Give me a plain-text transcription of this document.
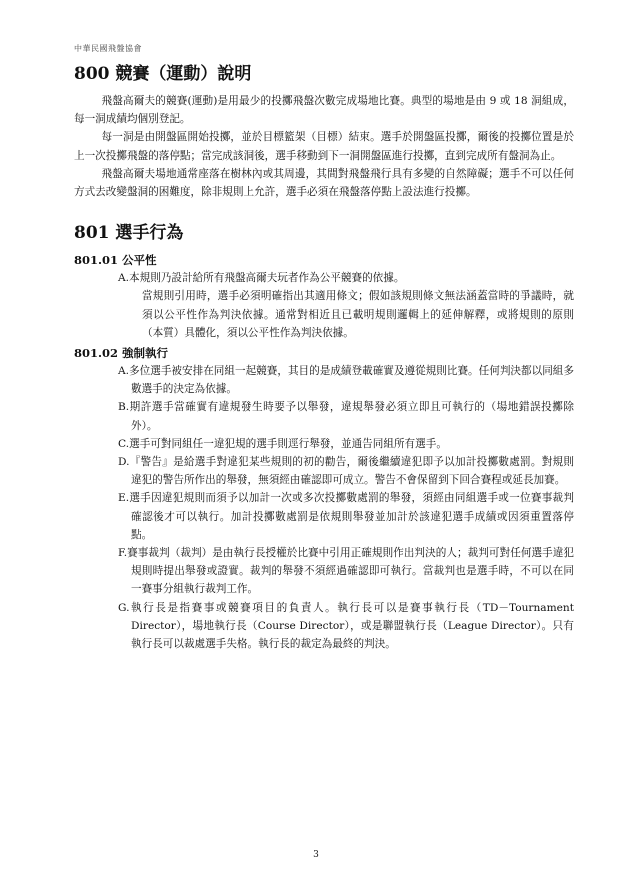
中華民國飛盤協會
800 競賽（運動）說明

飛盤高爾夫的競賽(運動)是用最少的投擲飛盤次數完成場地比賽。典型的場地是由 9 或 18 洞組成，每一洞成績均個別登記。

每一洞是由開盤區開始投擲，並於目標籃架（目標）結束。選手於開盤區投擲，爾後的投擲位置是於上一次投擲飛盤的落停點；當完成該洞後，選手移動到下一洞開盤區進行投擲，直到完成所有盤洞為止。

飛盤高爾夫場地通常座落在樹林內或其周邊，其間對飛盤飛行具有多變的自然障礙；選手不可以任何方式去改變盤洞的困難度，除非規則上允許，選手必須在飛盤落停點上設法進行投擲。

801 選手行為
801.01 公平性
A.本規則乃設計給所有飛盤高爾夫玩者作為公平競賽的依據。
當規則引用時，選手必須明確指出其適用條文；假如該規則條文無法涵蓋當時的爭議時，就須以公平性作為判決依據。通常對相近且已載明規則邏輯上的延伸解釋，或將規則的原則（本質）具體化，須以公平性作為判決依據。
801.02 強制執行
A.多位選手被安排在同組一起競賽，其目的是成績登載確實及遵從規則比賽。任何判決都以同組多數選手的決定為依據。
B.期許選手當確實有違規發生時要予以舉發，違規舉發必須立即且可執行的（場地錯誤投擲除外）。
C.選手可對同組任一違犯規的選手則逕行舉發，並通告同組所有選手。
D.『警告』是給選手對違犯某些規則的初的勸告，爾後繼續違犯即予以加計投擲數處罰。對規則違犯的警告所作出的舉發，無須經由確認即可成立。警告不會保留到下回合賽程或延長加賽。
E.選手因違犯規則而須予以加計一次或多次投擲數處罰的舉發，須經由同組選手或一位賽事裁判確認後才可以執行。加計投擲數處罰是依規則舉發並加計於該違犯選手成績或因須重置落停點。
F.賽事裁判（裁判）是由執行長授權於比賽中引用正確規則作出判決的人；裁判可對任何選手違犯規則時提出舉發或證實。裁判的舉發不須經過確認即可執行。當裁判也是選手時，不可以在同一賽事分組執行裁判工作。
G.執行長是指賽事或競賽項目的負責人。執行長可以是賽事執行長（TD－Tournament Director），場地執行長（Course Director），或是聯盟執行長（League Director）。只有執行長可以裁處選手失格。執行長的裁定為最終的判決。
3
